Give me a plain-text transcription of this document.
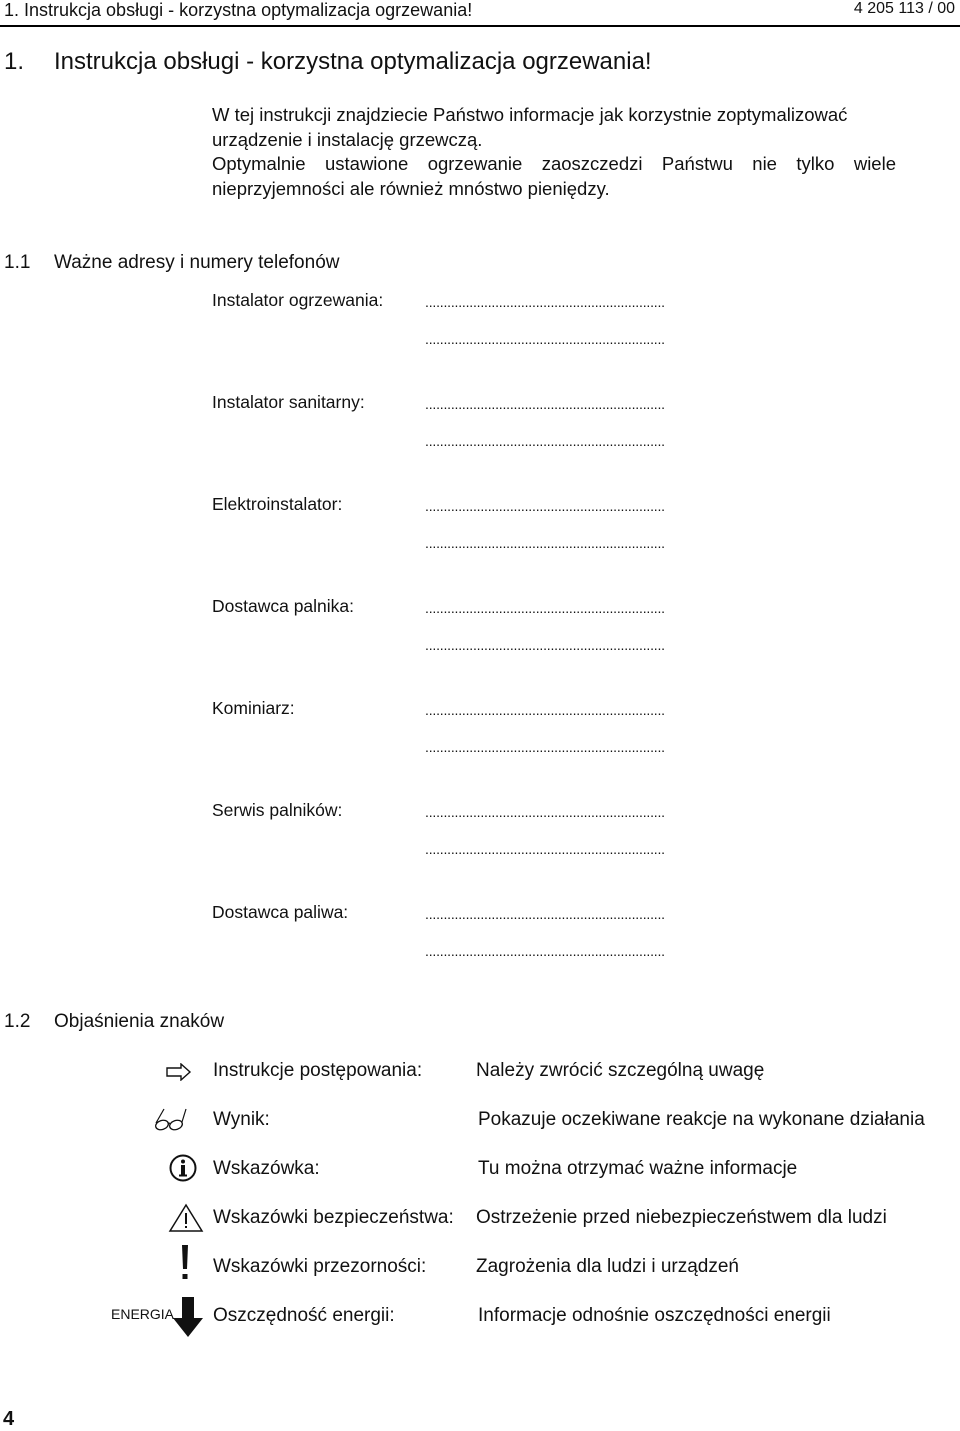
1. Instrukcja obsługi - korzystna optymalizacja ogrzewania!	4 205 113 / 00
1. Instrukcja obsługi - korzystna optymalizacja ogrzewania!
W tej instrukcji znajdziecie Państwo informacje jak korzystnie zoptymalizować urządzenie i instalację grzewczą.
Optymalnie ustawione ogrzewanie zaoszczedzi Państwu nie tylko wiele nieprzyjemności ale również mnóstwo pieniędzy.
1.1 Ważne adresy i numery telefonów
Instalator ogrzewania:	.................................................................
.................................................................
Instalator sanitarny:	.................................................................
.................................................................
Elektroinstalator:	.................................................................
.................................................................
Dostawca palnika:	.................................................................
.................................................................
Kominiarz:	.................................................................
.................................................................
Serwis palników:	.................................................................
.................................................................
Dostawca paliwa:	.................................................................
.................................................................
1.2 Objaśnienia znaków
Instrukcje postępowania:	Należy zwrócić szczególną uwagę
Wynik:	Pokazuje oczekiwane reakcje na wykonane działania
Wskazówka:	Tu można otrzymać ważne informacje
Wskazówki bezpieczeństwa: Ostrzeżenie przed niebezpieczeństwem dla ludzi
Wskazówki przezorności:	Zagrożenia dla ludzi i urządzeń
ENERGIA Oszczędność energii:	Informacje odnośnie oszczędności energii
4
